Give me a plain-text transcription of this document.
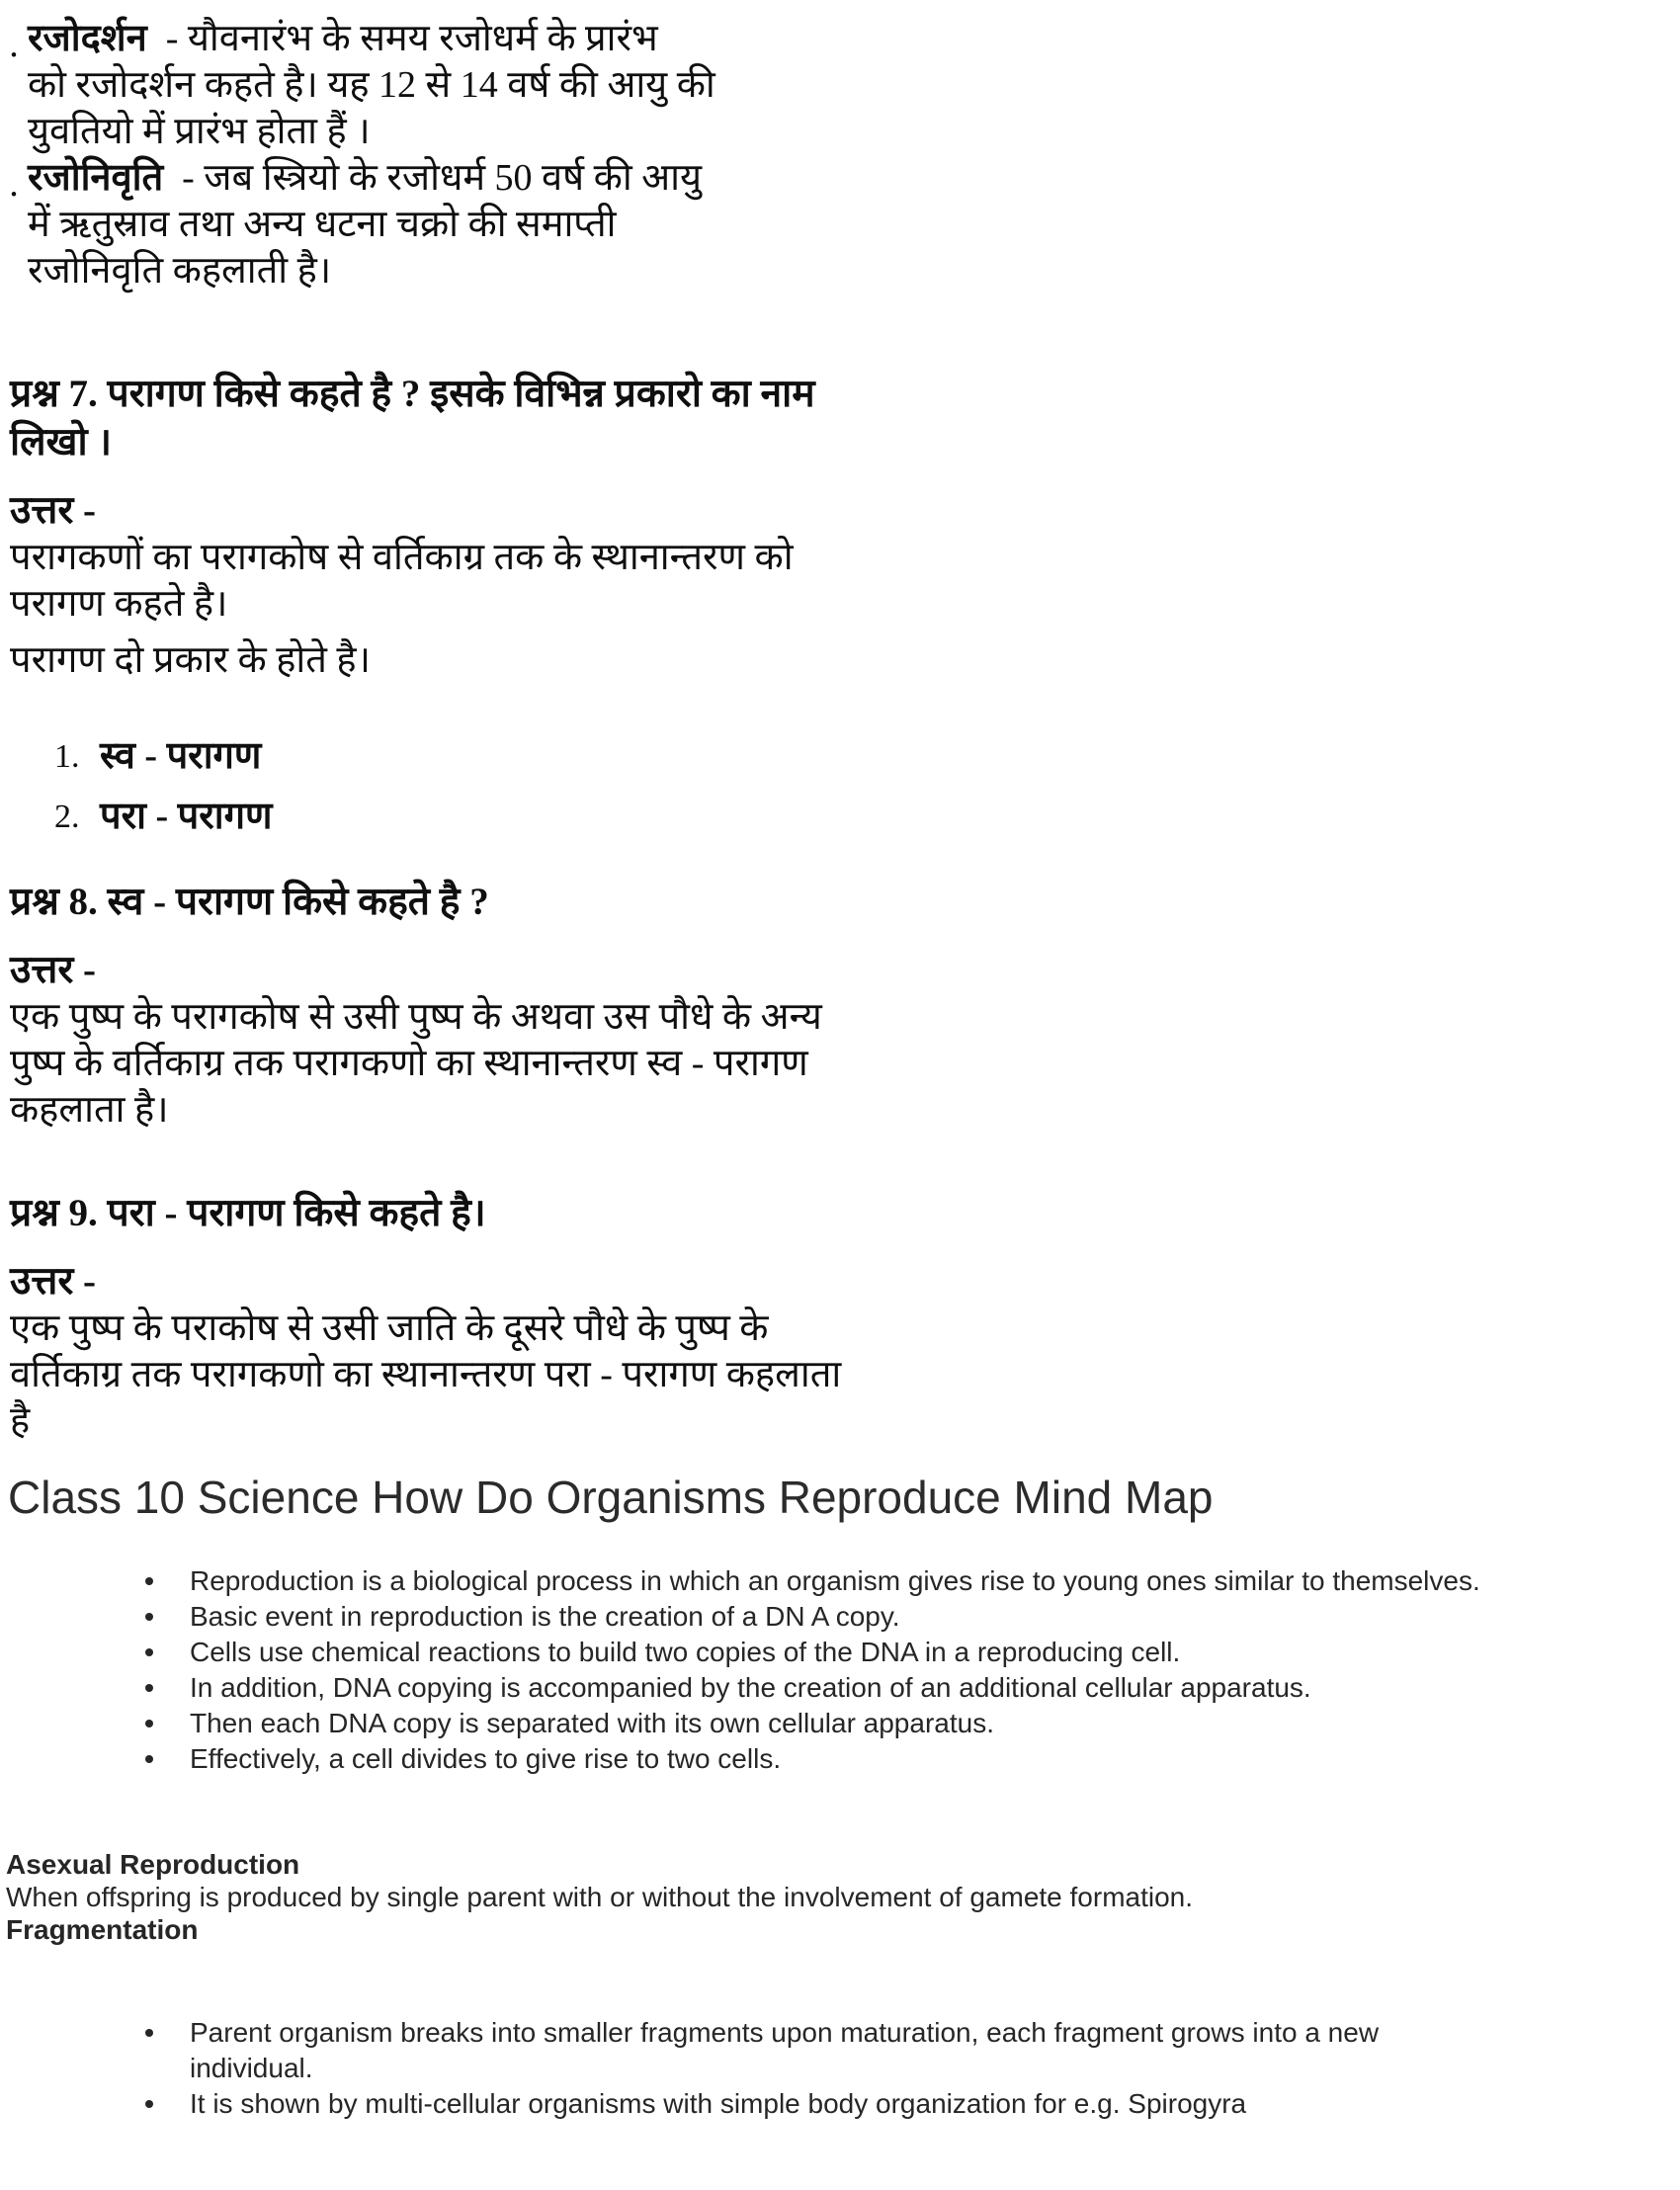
. रजोदर्शन - यौवनारंभ के समय रजोधर्म के प्रारंभ
को रजोदर्शन कहते है। यह 12 से 14 वर्ष की आयु की
युवतियो में प्रारंभ होता हैं ।
. रजोनिवृति - जब स्त्रियो के रजोधर्म 50 वर्ष की आयु
में ऋतुस्राव तथा अन्य धटना चक्रो की समाप्ती
रजोनिवृति कहलाती है।
प्रश्न 7. परागण किसे कहते है ? इसके विभिन्न प्रकारो का नाम
लिखो ।
उत्तर -
परागकणों का परागकोष से वर्तिकाग्र तक के स्थानान्तरण को
परागण कहते है।
परागण दो प्रकार के होते है।
1. स्व - परागण
2. परा - परागण
प्रश्न 8. स्व - परागण किसे कहते है ?
उत्तर -
एक पुष्प के परागकोष से उसी पुष्प के अथवा उस पौधे के अन्य
पुष्प के वर्तिकाग्र तक परागकणो का स्थानान्तरण स्व - परागण
कहलाता है।
प्रश्न 9. परा - परागण किसे कहते है।
उत्तर -
एक पुष्प के पराकोष से उसी जाति के दूसरे पौधे के पुष्प के
वर्तिकाग्र तक परागकणो का स्थानान्तरण परा - परागण कहलाता
है
Class 10 Science How Do Organisms Reproduce Mind Map
Reproduction is a biological process in which an organism gives rise to young ones similar to themselves.
Basic event in reproduction is the creation of a DN A copy.
Cells use chemical reactions to build two copies of the DNA in a reproducing cell.
In addition, DNA copying is accompanied by the creation of an additional cellular apparatus.
Then each DNA copy is separated with its own cellular apparatus.
Effectively, a cell divides to give rise to two cells.
Asexual Reproduction
When offspring is produced by single parent with or without the involvement of gamete formation.
Fragmentation
Parent organism breaks into smaller fragments upon maturation, each fragment grows into a new individual.
It is shown by multi-cellular organisms with simple body organization for e.g. Spirogyra
